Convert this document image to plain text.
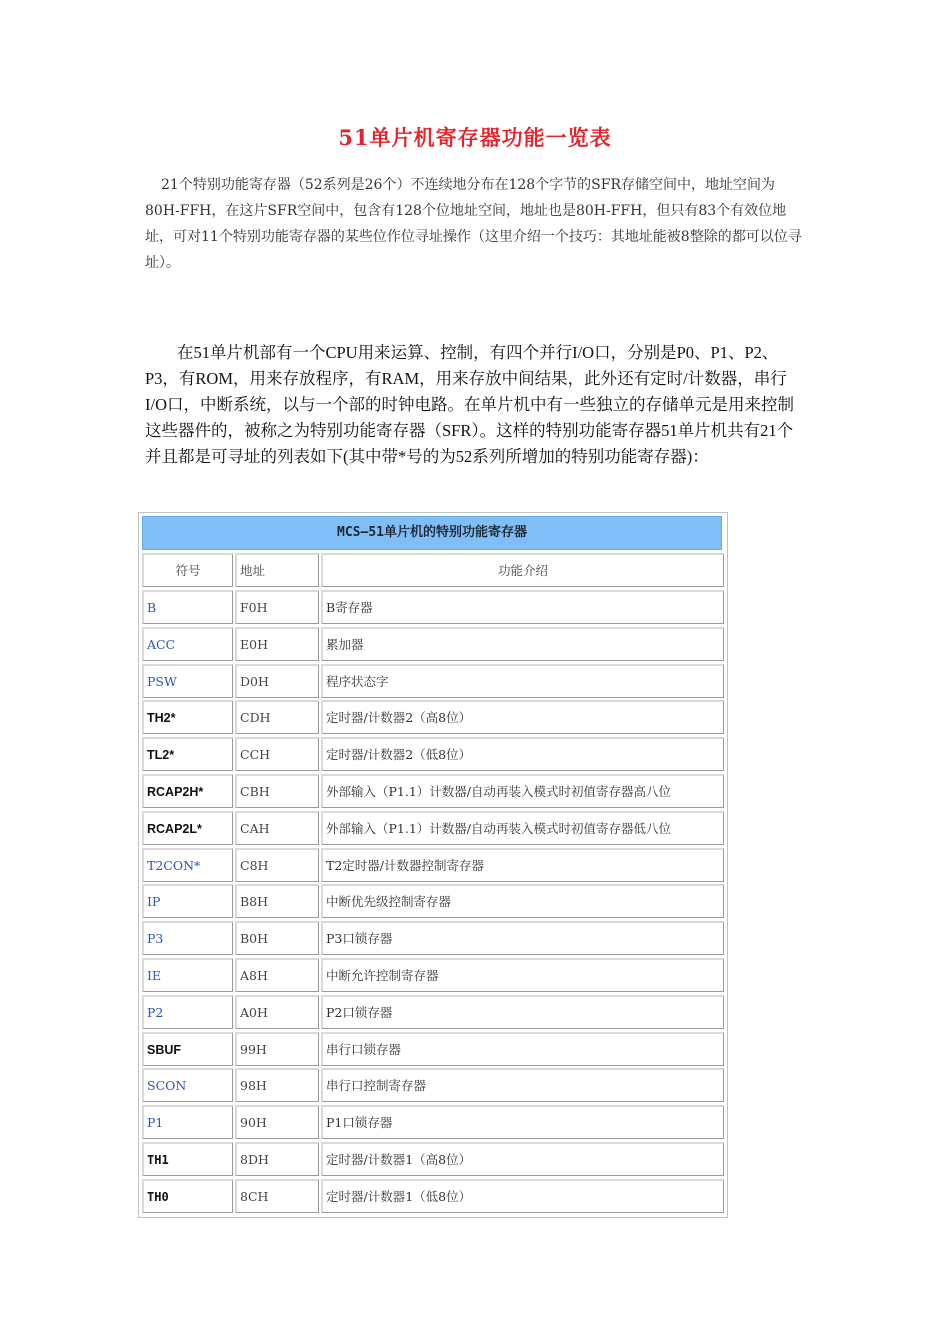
51单片机寄存器功能一览表
21个特别功能寄存器（52系列是26个）不连续地分布在128个字节的SFR存储空间中，地址空间为80H-FFH，在这片SFR空间中，包含有128个位地址空间，地址也是80H-FFH，但只有83个有效位地址，可对11个特别功能寄存器的某些位作位寻址操作（这里介绍一个技巧：其地址能被8整除的都可以位寻址）。
在51单片机部有一个CPU用来运算、控制，有四个并行I/O口，分别是P0、P1、P2、P3，有ROM，用来存放程序，有RAM，用来存放中间结果，此外还有定时/计数器，串行I/O口，中断系统，以与一个部的时钟电路。在单片机中有一些独立的存储单元是用来控制这些器件的，被称之为特别功能寄存器（SFR）。这样的特别功能寄存器51单片机共有21个并且都是可寻址的列表如下(其中带*号的为52系列所增加的特别功能寄存器)：
MCS—51单片机的特别功能寄存器
符号	地址	功能介绍
B	F0H	B寄存器
ACC	E0H	累加器
PSW	D0H	程序状态字
TH2*	CDH	定时器/计数器2（高8位）
TL2*	CCH	定时器/计数器2（低8位）
RCAP2H*	CBH	外部输入（P1.1）计数器/自动再装入模式时初值寄存器高八位
RCAP2L*	CAH	外部输入（P1.1）计数器/自动再装入模式时初值寄存器低八位
T2CON*	C8H	T2定时器/计数器控制寄存器
IP	B8H	中断优先级控制寄存器
P3	B0H	P3口锁存器
IE	A8H	中断允许控制寄存器
P2	A0H	P2口锁存器
SBUF	99H	串行口锁存器
SCON	98H	串行口控制寄存器
P1	90H	P1口锁存器
TH1	8DH	定时器/计数器1（高8位）
TH0	8CH	定时器/计数器1（低8位）
